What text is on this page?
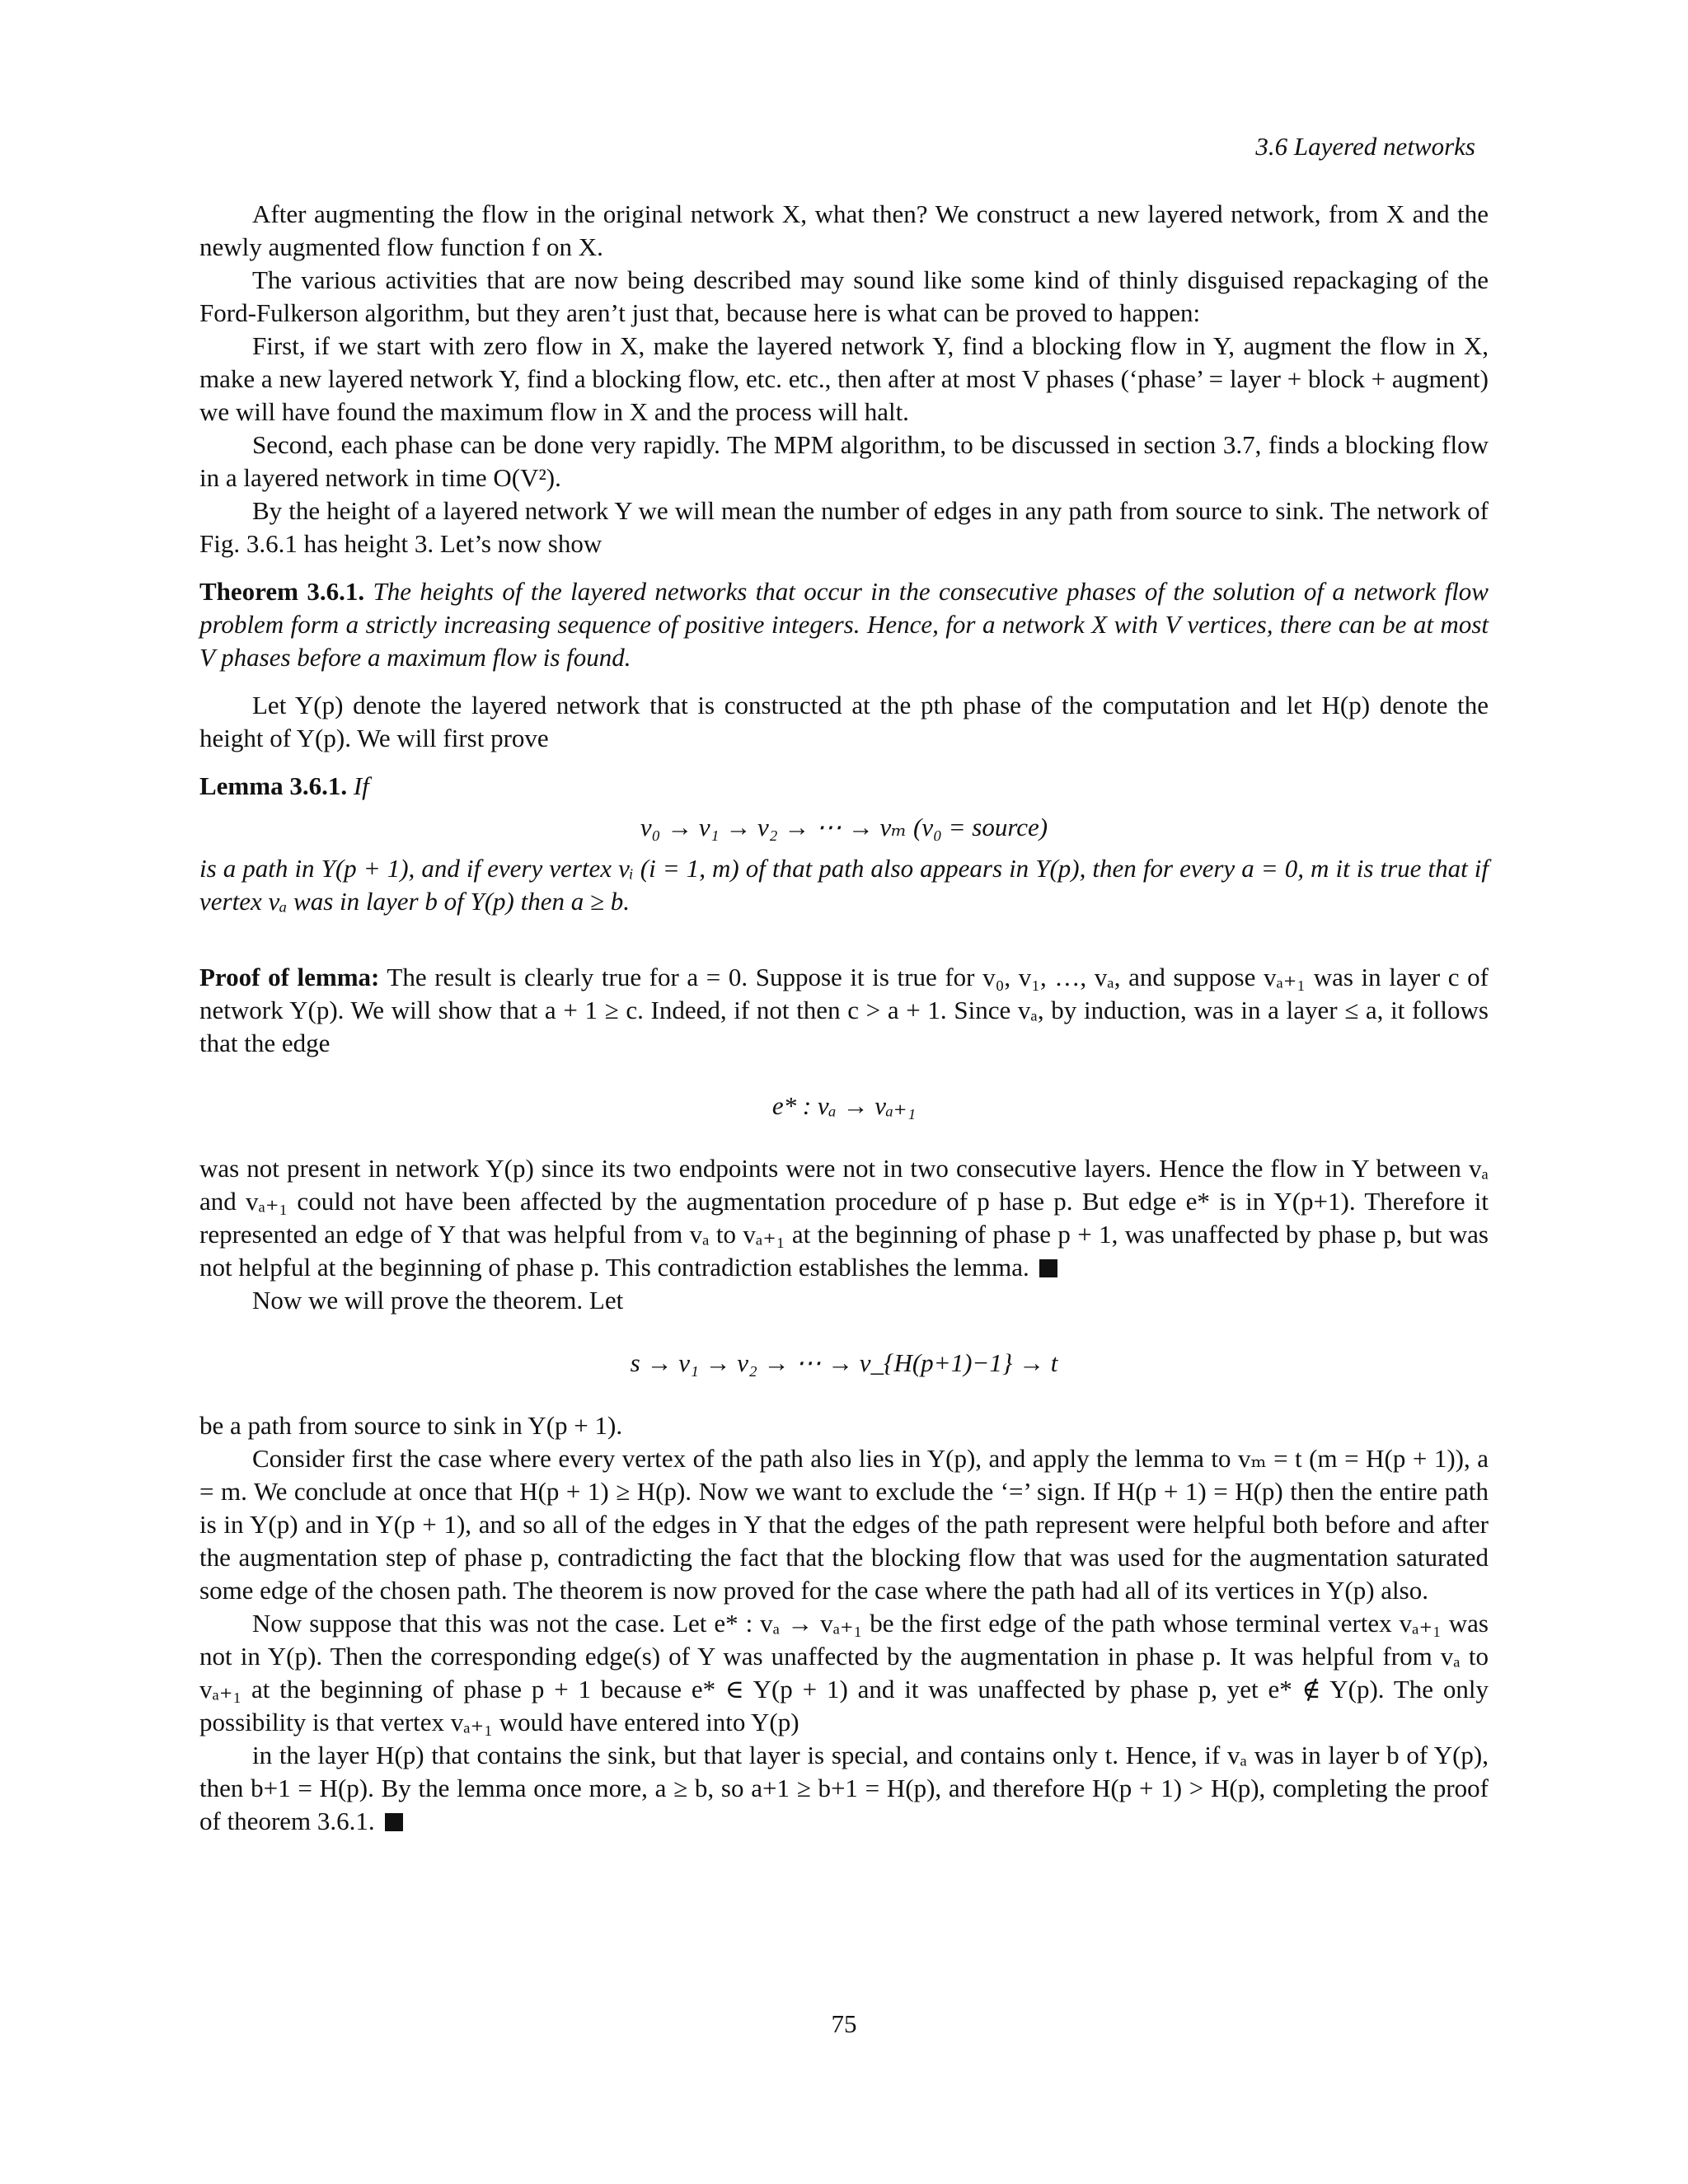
3.6 Layered networks

After augmenting the flow in the original network X, what then? We construct a new layered network, from X and the newly augmented flow function f on X.

The various activities that are now being described may sound like some kind of thinly disguised repackaging of the Ford-Fulkerson algorithm, but they aren’t just that, because here is what can be proved to happen:

First, if we start with zero flow in X, make the layered network Y, find a blocking flow in Y, augment the flow in X, make a new layered network Y, find a blocking flow, etc. etc., then after at most V phases (‘phase’ = layer + block + augment) we will have found the maximum flow in X and the process will halt.

Second, each phase can be done very rapidly. The MPM algorithm, to be discussed in section 3.7, finds a blocking flow in a layered network in time O(V²).

By the height of a layered network Y we will mean the number of edges in any path from source to sink. The network of Fig. 3.6.1 has height 3. Let’s now show

Theorem 3.6.1. The heights of the layered networks that occur in the consecutive phases of the solution of a network flow problem form a strictly increasing sequence of positive integers. Hence, for a network X with V vertices, there can be at most V phases before a maximum flow is found.

Let Y(p) denote the layered network that is constructed at the pth phase of the computation and let H(p) denote the height of Y(p). We will first prove

Lemma 3.6.1. If

v₀ → v₁ → v₂ → ⋯ → vₘ (v₀ = source)

is a path in Y(p + 1), and if every vertex vᵢ (i = 1, m) of that path also appears in Y(p), then for every a = 0, m it is true that if vertex vₐ was in layer b of Y(p) then a ≥ b.

Proof of lemma: The result is clearly true for a = 0. Suppose it is true for v₀, v₁, …, vₐ, and suppose vₐ₊₁ was in layer c of network Y(p). We will show that a + 1 ≥ c. Indeed, if not then c > a + 1. Since vₐ, by induction, was in a layer ≤ a, it follows that the edge

e* : vₐ → vₐ₊₁

was not present in network Y(p) since its two endpoints were not in two consecutive layers. Hence the flow in Y between vₐ and vₐ₊₁ could not have been affected by the augmentation procedure of p hase p. But edge e* is in Y(p+1). Therefore it represented an edge of Y that was helpful from vₐ to vₐ₊₁ at the beginning of phase p + 1, was unaffected by phase p, but was not helpful at the beginning of phase p. This contradiction establishes the lemma.

Now we will prove the theorem. Let

s → v₁ → v₂ → ⋯ → v_{H(p+1)−1} → t

be a path from source to sink in Y(p + 1).

Consider first the case where every vertex of the path also lies in Y(p), and apply the lemma to vₘ = t (m = H(p + 1)), a = m. We conclude at once that H(p + 1) ≥ H(p). Now we want to exclude the ‘=’ sign. If H(p + 1) = H(p) then the entire path is in Y(p) and in Y(p + 1), and so all of the edges in Y that the edges of the path represent were helpful both before and after the augmentation step of phase p, contradicting the fact that the blocking flow that was used for the augmentation saturated some edge of the chosen path. The theorem is now proved for the case where the path had all of its vertices in Y(p) also.

Now suppose that this was not the case. Let e* : vₐ → vₐ₊₁ be the first edge of the path whose terminal vertex vₐ₊₁ was not in Y(p). Then the corresponding edge(s) of Y was unaffected by the augmentation in phase p. It was helpful from vₐ to vₐ₊₁ at the beginning of phase p + 1 because e* ∈ Y(p + 1) and it was unaffected by phase p, yet e* ∉ Y(p). The only possibility is that vertex vₐ₊₁ would have entered into Y(p)

in the layer H(p) that contains the sink, but that layer is special, and contains only t. Hence, if vₐ was in layer b of Y(p), then b+1 = H(p). By the lemma once more, a ≥ b, so a+1 ≥ b+1 = H(p), and therefore H(p + 1) > H(p), completing the proof of theorem 3.6.1.

75
